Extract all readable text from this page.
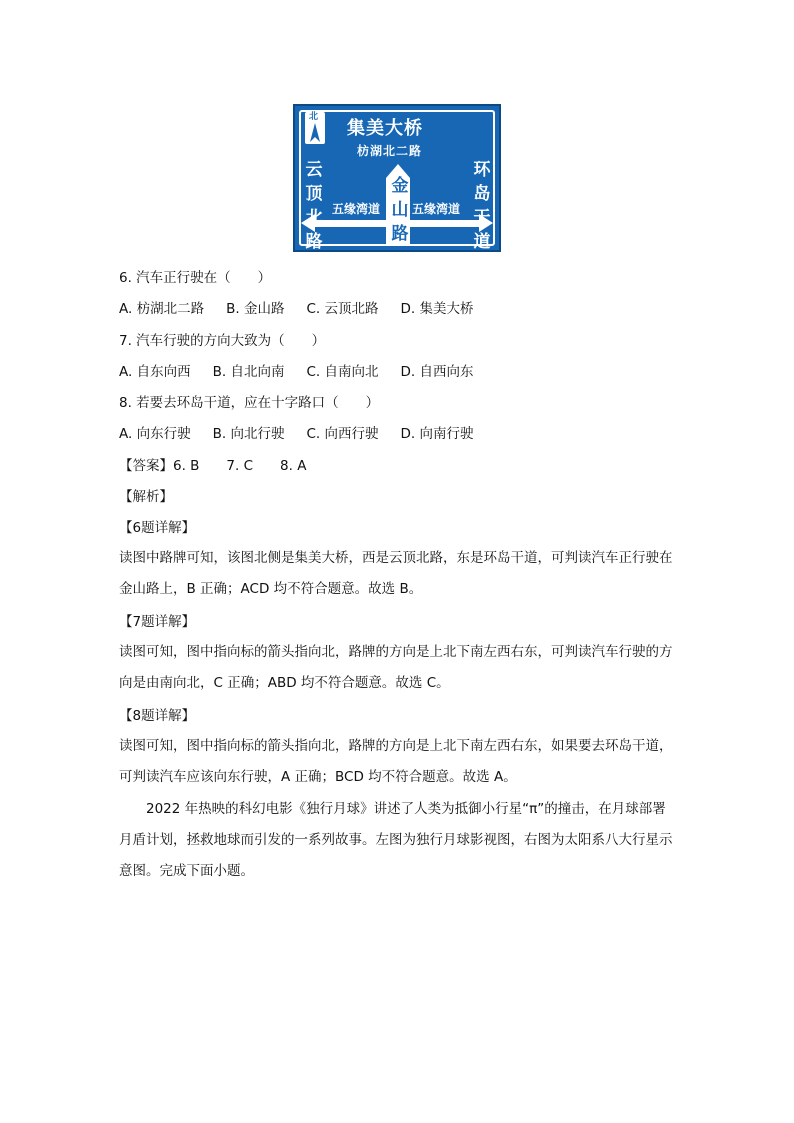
北
集美大桥
枋湖北二路
云
顶
北
路
环
岛
干
道
金
山
路
五缘湾道	五缘湾道
6. 汽车正行驶在（　　）
A. 枋湖北二路 B. 金山路 C. 云顶北路 D. 集美大桥
7. 汽车行驶的方向大致为（　　）
A. 自东向西 B. 自北向南 C. 自南向北 D. 自西向东
8. 若要去环岛干道，应在十字路口（　　）
A. 向东行驶 B. 向北行驶 C. 向西行驶 D. 向南行驶
【答案】6. B　　7. C　　8. A
【解析】
【6题详解】
读图中路牌可知，该图北侧是集美大桥，西是云顶北路，东是环岛干道，可判读汽车正行驶在金山路上，B 正确；ACD 均不符合题意。故选 B。
【7题详解】
读图可知，图中指向标的箭头指向北，路牌的方向是上北下南左西右东，可判读汽车行驶的方向是由南向北，C 正确；ABD 均不符合题意。故选 C。
【8题详解】
读图可知，图中指向标的箭头指向北，路牌的方向是上北下南左西右东，如果要去环岛干道，可判读汽车应该向东行驶，A 正确；BCD 均不符合题意。故选 A。
2022 年热映的科幻电影《独行月球》讲述了人类为抵御小行星“π”的撞击，在月球部署月盾计划，拯救地球而引发的一系列故事。左图为独行月球影视图，右图为太阳系八大行星示意图。完成下面小题。
